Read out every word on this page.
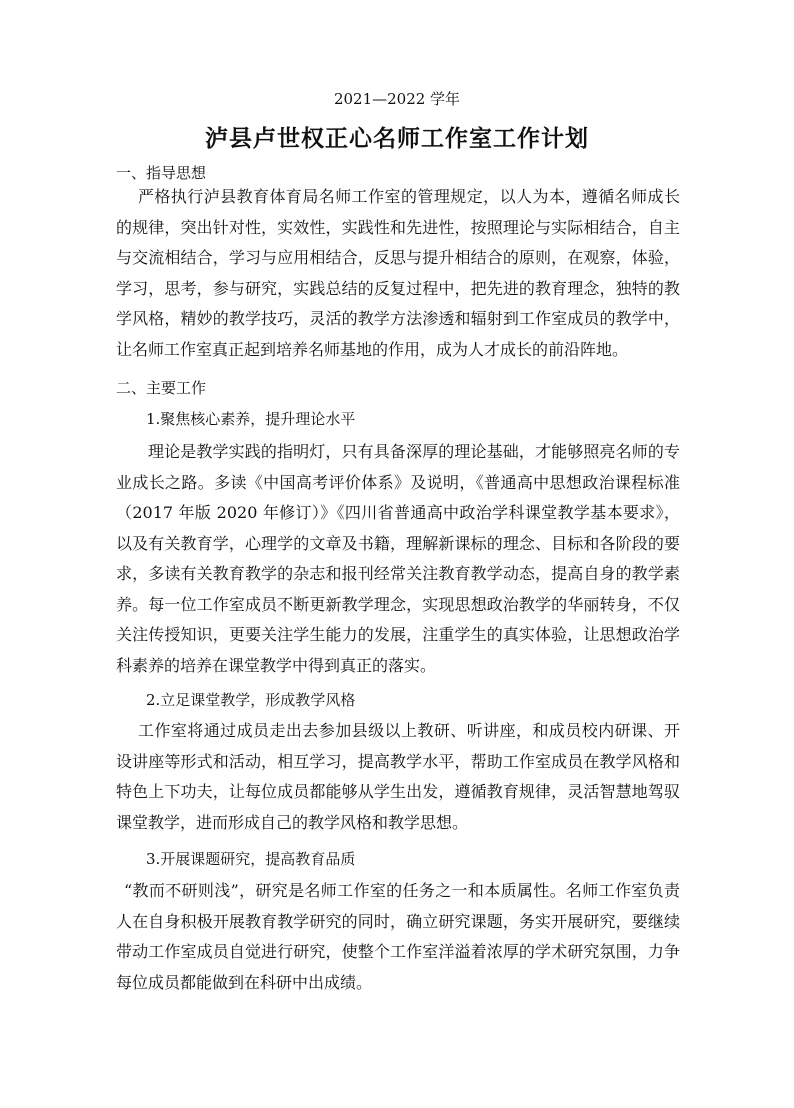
2021—2022 学年

泸县卢世权正心名师工作室工作计划

一、指导思想

严格执行泸县教育体育局名师工作室的管理规定，以人为本，遵循名师成长的规律，突出针对性，实效性，实践性和先进性，按照理论与实际相结合，自主与交流相结合，学习与应用相结合，反思与提升相结合的原则，在观察，体验，学习，思考，参与研究，实践总结的反复过程中，把先进的教育理念，独特的教学风格，精妙的教学技巧，灵活的教学方法渗透和辐射到工作室成员的教学中，让名师工作室真正起到培养名师基地的作用，成为人才成长的前沿阵地。

二、主要工作

1.聚焦核心素养，提升理论水平

理论是教学实践的指明灯，只有具备深厚的理论基础，才能够照亮名师的专业成长之路。多读《中国高考评价体系》及说明，《普通高中思想政治课程标准（2017 年版 2020 年修订）》《四川省普通高中政治学科课堂教学基本要求》，以及有关教育学，心理学的文章及书籍，理解新课标的理念、目标和各阶段的要求，多读有关教育教学的杂志和报刊经常关注教育教学动态，提高自身的教学素养。每一位工作室成员不断更新教学理念，实现思想政治教学的华丽转身，不仅关注传授知识，更要关注学生能力的发展，注重学生的真实体验，让思想政治学科素养的培养在课堂教学中得到真正的落实。

2.立足课堂教学，形成教学风格

工作室将通过成员走出去参加县级以上教研、听讲座，和成员校内研课、开设讲座等形式和活动，相互学习，提高教学水平，帮助工作室成员在教学风格和特色上下功夫，让每位成员都能够从学生出发，遵循教育规律，灵活智慧地驾驭课堂教学，进而形成自己的教学风格和教学思想。

3.开展课题研究，提高教育品质

“教而不研则浅”，研究是名师工作室的任务之一和本质属性。名师工作室负责人在自身积极开展教育教学研究的同时，确立研究课题，务实开展研究，要继续带动工作室成员自觉进行研究，使整个工作室洋溢着浓厚的学术研究氛围，力争每位成员都能做到在科研中出成绩。
